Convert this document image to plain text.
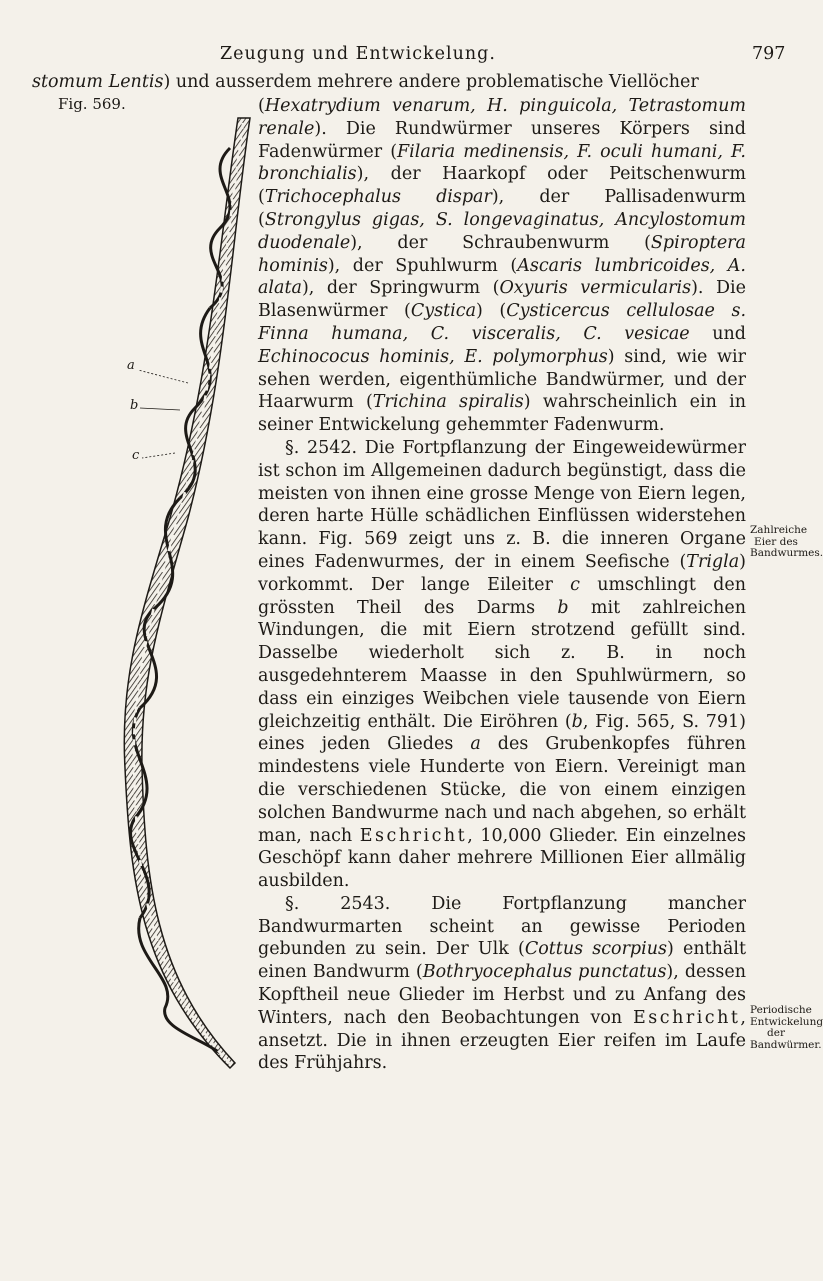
Zeugung und Entwickelung.	797
stomum Lentis) und ausserdem mehrere andere problematische Viellöcher
Fig. 569.
a
b
c

(Hexatrydium venarum, H. pinguicola, Tetrastomum renale). Die Rundwürmer unseres Körpers sind Fadenwürmer (Filaria medinensis, F. oculi humani, F. bronchialis), der Haarkopf oder Peitschenwurm (Trichocephalus dispar), der Pallisadenwurm (Strongylus gigas, S. longevaginatus, Ancylostomum duodenale), der Schraubenwurm (Spiroptera hominis), der Spuhlwurm (Ascaris lumbricoides, A. alata), der Springwurm (Oxyuris vermicularis). Die Blasenwürmer (Cystica) (Cysticercus cellulosae s. Finna humana, C. visceralis, C. vesicae und Echinococus hominis, E. polymorphus) sind, wie wir sehen werden, eigenthümliche Bandwürmer, und der Haarwurm (Trichina spiralis) wahrscheinlich ein in seiner Entwickelung gehemmter Fadenwurm.

§. 2542. Die Fortpflanzung der Eingeweidewürmer ist schon im Allgemeinen dadurch begünstigt, dass die meisten von ihnen eine grosse Menge von Eiern legen, deren harte Hülle schädlichen Einflüssen widerstehen kann. Fig. 569 zeigt uns z. B. die inneren Organe eines Fadenwurmes, der in einem Seefische (Trigla) vorkommt. Der lange Eileiter c umschlingt den grössten Theil des Darms b mit zahlreichen Windungen, die mit Eiern strotzend gefüllt sind. Dasselbe wiederholt sich z. B. in noch ausgedehnterem Maasse in den Spuhlwürmern, so dass ein einziges Weibchen viele tausende von Eiern gleichzeitig enthält. Die Eiröhren (b, Fig. 565, S. 791) eines jeden Gliedes a des Grubenkopfes führen mindestens viele Hunderte von Eiern. Vereinigt man die verschiedenen Stücke, die von einem einzigen solchen Bandwurme nach und nach abgehen, so erhält man, nach Eschricht, 10,000 Glieder. Ein einzelnes Geschöpf kann daher mehrere Millionen Eier allmälig ausbilden.

§. 2543. Die Fortpflanzung mancher Bandwurmarten scheint an gewisse Perioden gebunden zu sein. Der Ulk (Cottus scorpius) enthält einen Bandwurm (Bothryocephalus punctatus), dessen Kopftheil neue Glieder im Herbst und zu Anfang des Winters, nach den Beobachtungen von Eschricht, ansetzt. Die in ihnen erzeugten Eier reifen im Laufe des Frühjahrs.

Zahlreiche Eier des Bandwurmes.
Periodische Entwickelung der Bandwürmer.
